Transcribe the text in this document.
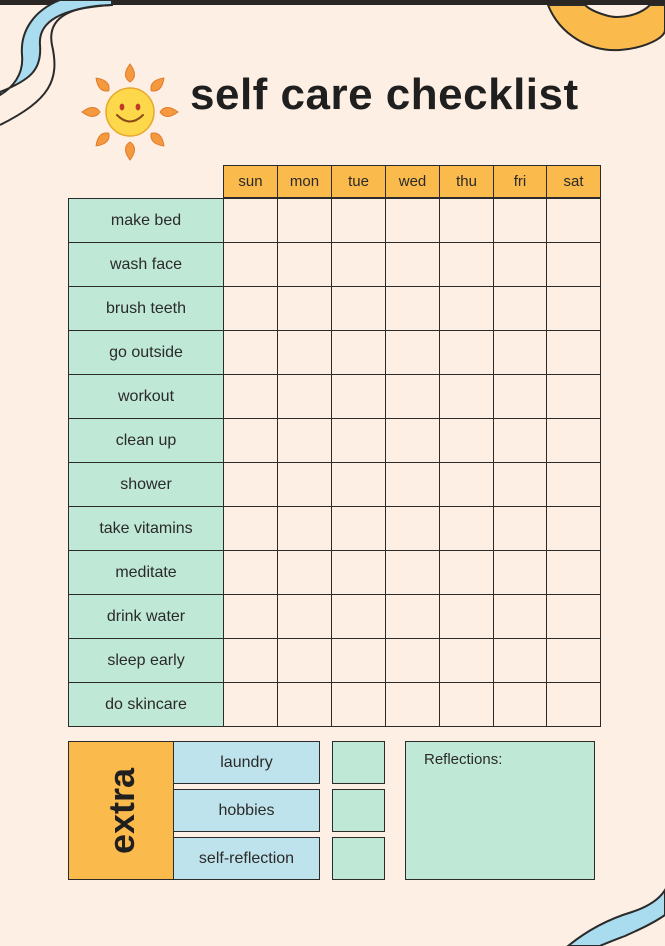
self care checklist
sun	mon	tue	wed	thu	fri	sat
make bed
wash face
brush teeth
go outside
workout
clean up
shower
take vitamins
meditate
drink water
sleep early
do skincare
extra
laundry
hobbies
self-reflection
Reflections:
